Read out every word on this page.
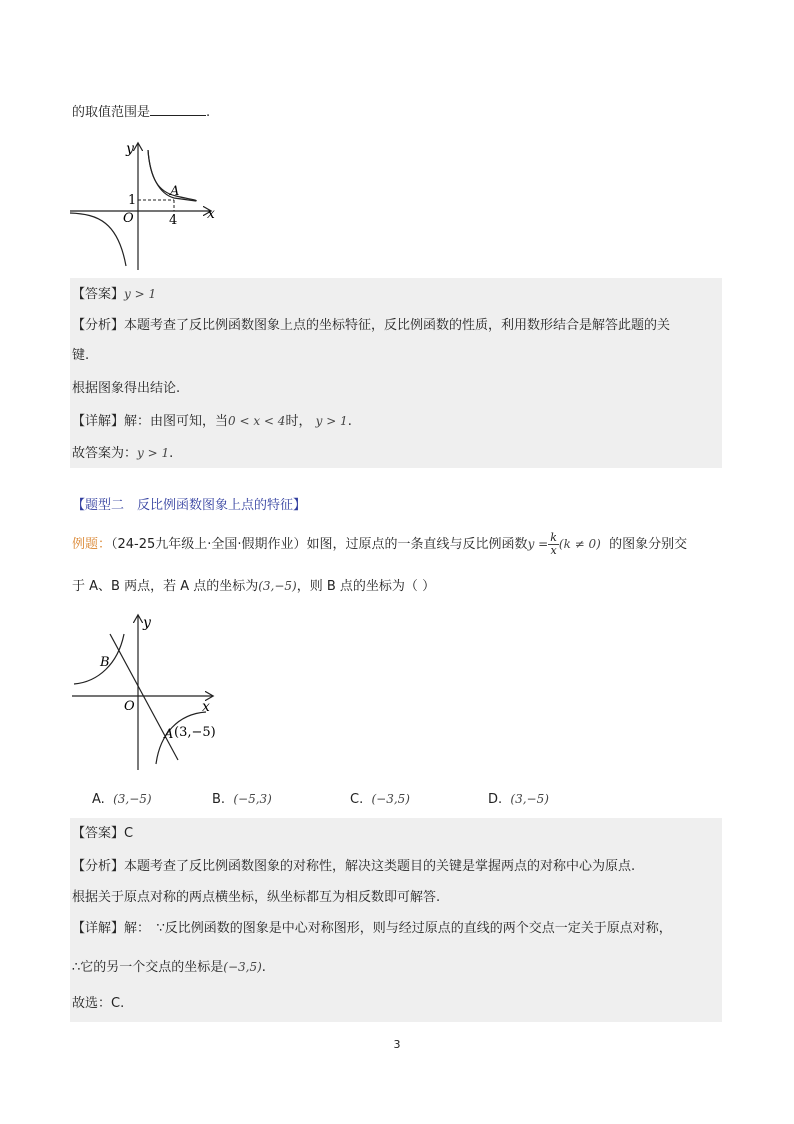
的取值范围是	.
y
x
O
1
4
A
【答案】y > 1
【分析】本题考查了反比例函数图象上点的坐标特征，反比例函数的性质，利用数形结合是解答此题的关
键.
根据图象得出结论.
【详解】解：由图可知，当0 < x < 4时， y > 1.
故答案为：y > 1.
【题型二　反比例函数图象上点的特征】
例题：（24-25九年级上·全国·假期作业）如图，过原点的一条直线与反比例函数$y = \frac{k}{x} (k \ne 0)$ 的图象分别交
于 A、B 两点，若 A 点的坐标为(3,−5)，则 B 点的坐标为（ ）
y
x
O
B
A (3,−5)
A. (3,−5)	B. (−5,3)	C. (−3,5)	D. (3,−5)
【答案】C
【分析】本题考查了反比例函数图象的对称性，解决这类题目的关键是掌握两点的对称中心为原点.
根据关于原点对称的两点横坐标，纵坐标都互为相反数即可解答.
【详解】解：　∵反比例函数的图象是中心对称图形，则与经过原点的直线的两个交点一定关于原点对称，
∴它的另一个交点的坐标是(−3,5).
故选：C.
3
